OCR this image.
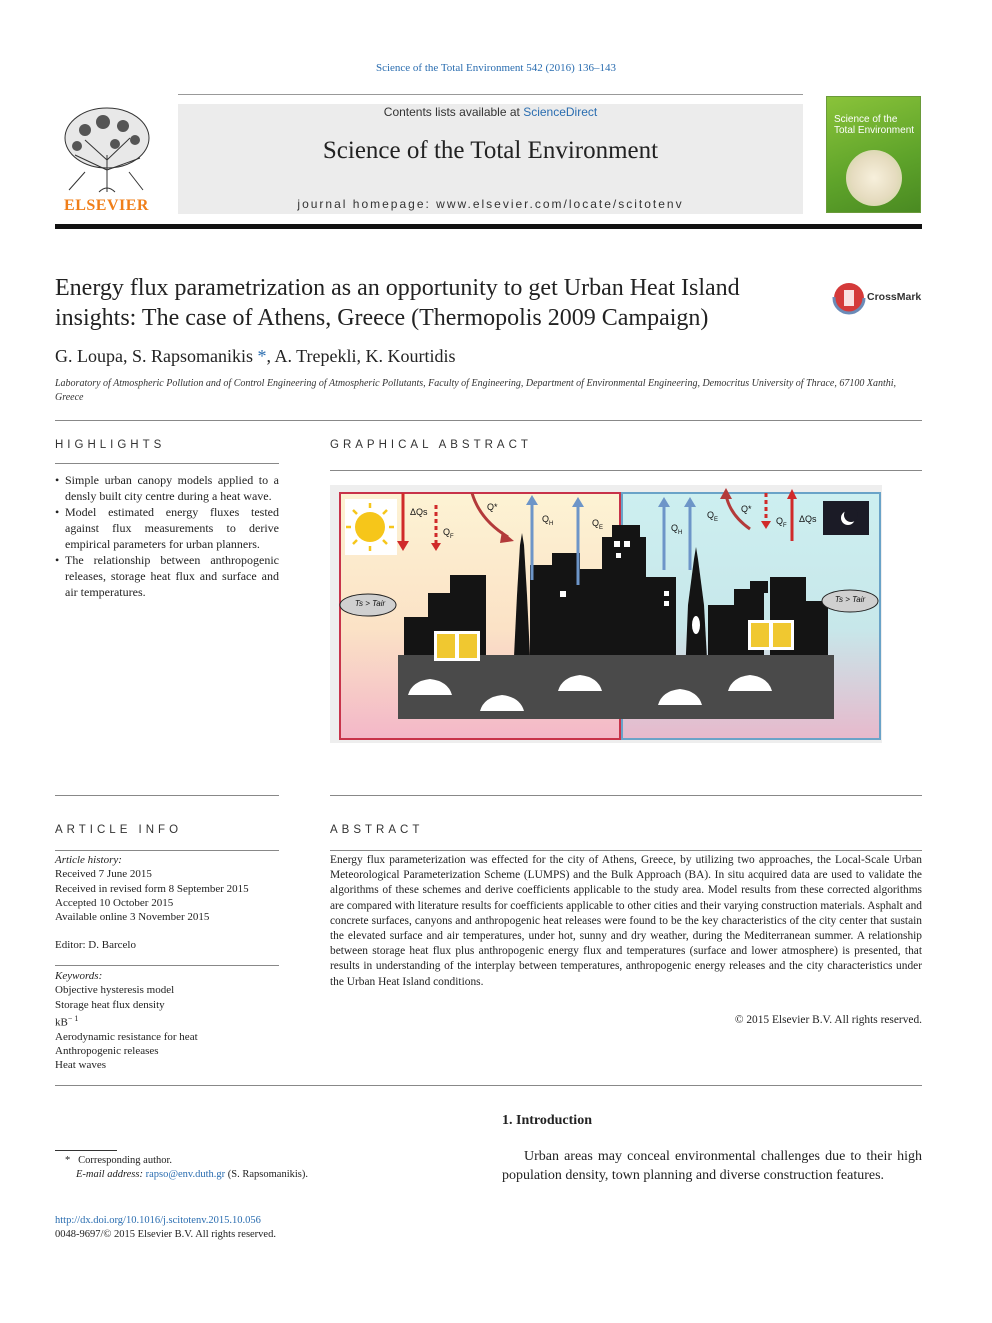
Science of the Total Environment 542 (2016) 136–143
ELSEVIER
Contents lists available at ScienceDirect
Science of the Total Environment
journal homepage: www.elsevier.com/locate/scitotenv
Science of the Total Environment
Energy flux parametrization as an opportunity to get Urban Heat Island insights: The case of Athens, Greece (Thermopolis 2009 Campaign)
CrossMark
G. Loupa, S. Rapsomanikis *, A. Trepekli, K. Kourtidis
Laboratory of Atmospheric Pollution and of Control Engineering of Atmospheric Pollutants, Faculty of Engineering, Department of Environmental Engineering, Democritus University of Thrace, 67100 Xanthi, Greece
HIGHLIGHTS
• Simple urban canopy models applied to a densly built city centre during a heat wave.
• Model estimated energy fluxes tested against flux measurements to derive empirical parameters for urban planners.
• The relationship between anthropogenic releases, storage heat flux and surface and air temperatures.
GRAPHICAL ABSTRACT
ΔQs
$Q_F$
Q*
$Q_H$	$Q_E$	$Q_H$
$Q_E$
Q*
$Q_F$
ΔQs
Ts > Tair	Ts > Tair
ARTICLE INFO
Article history:
Received 7 June 2015
Received in revised form 8 September 2015
Accepted 10 October 2015
Available online 3 November 2015
Editor: D. Barcelo
Keywords:
Objective hysteresis model
Storage heat flux density
$kB^{- 1}$
Aerodynamic resistance for heat
Anthropogenic releases
Heat waves
ABSTRACT
Energy flux parameterization was effected for the city of Athens, Greece, by utilizing two approaches, the Local-Scale Urban Meteorological Parameterization Scheme (LUMPS) and the Bulk Approach (BA). In situ acquired data are used to validate the algorithms of these schemes and derive coefficients applicable to the study area. Model results from these corrected algorithms are compared with literature results for coefficients applicable to other cities and their varying construction materials. Asphalt and concrete surfaces, canyons and anthropogenic heat releases were found to be the key characteristics of the city center that sustain the elevated surface and air temperatures, under hot, sunny and dry weather, during the Mediterranean summer. A relationship between storage heat flux plus anthropogenic energy flux and temperatures (surface and lower atmosphere) is presented, that results in understanding of the interplay between temperatures, anthropogenic energy releases and the city characteristics under the Urban Heat Island conditions.
© 2015 Elsevier B.V. All rights reserved.
1. Introduction
Urban areas may conceal environmental challenges due to their high population density, town planning and diverse construction features.
* Corresponding author.
E-mail address: rapso@env.duth.gr (S. Rapsomanikis).
http://dx.doi.org/10.1016/j.scitotenv.2015.10.056
0048-9697/© 2015 Elsevier B.V. All rights reserved.
